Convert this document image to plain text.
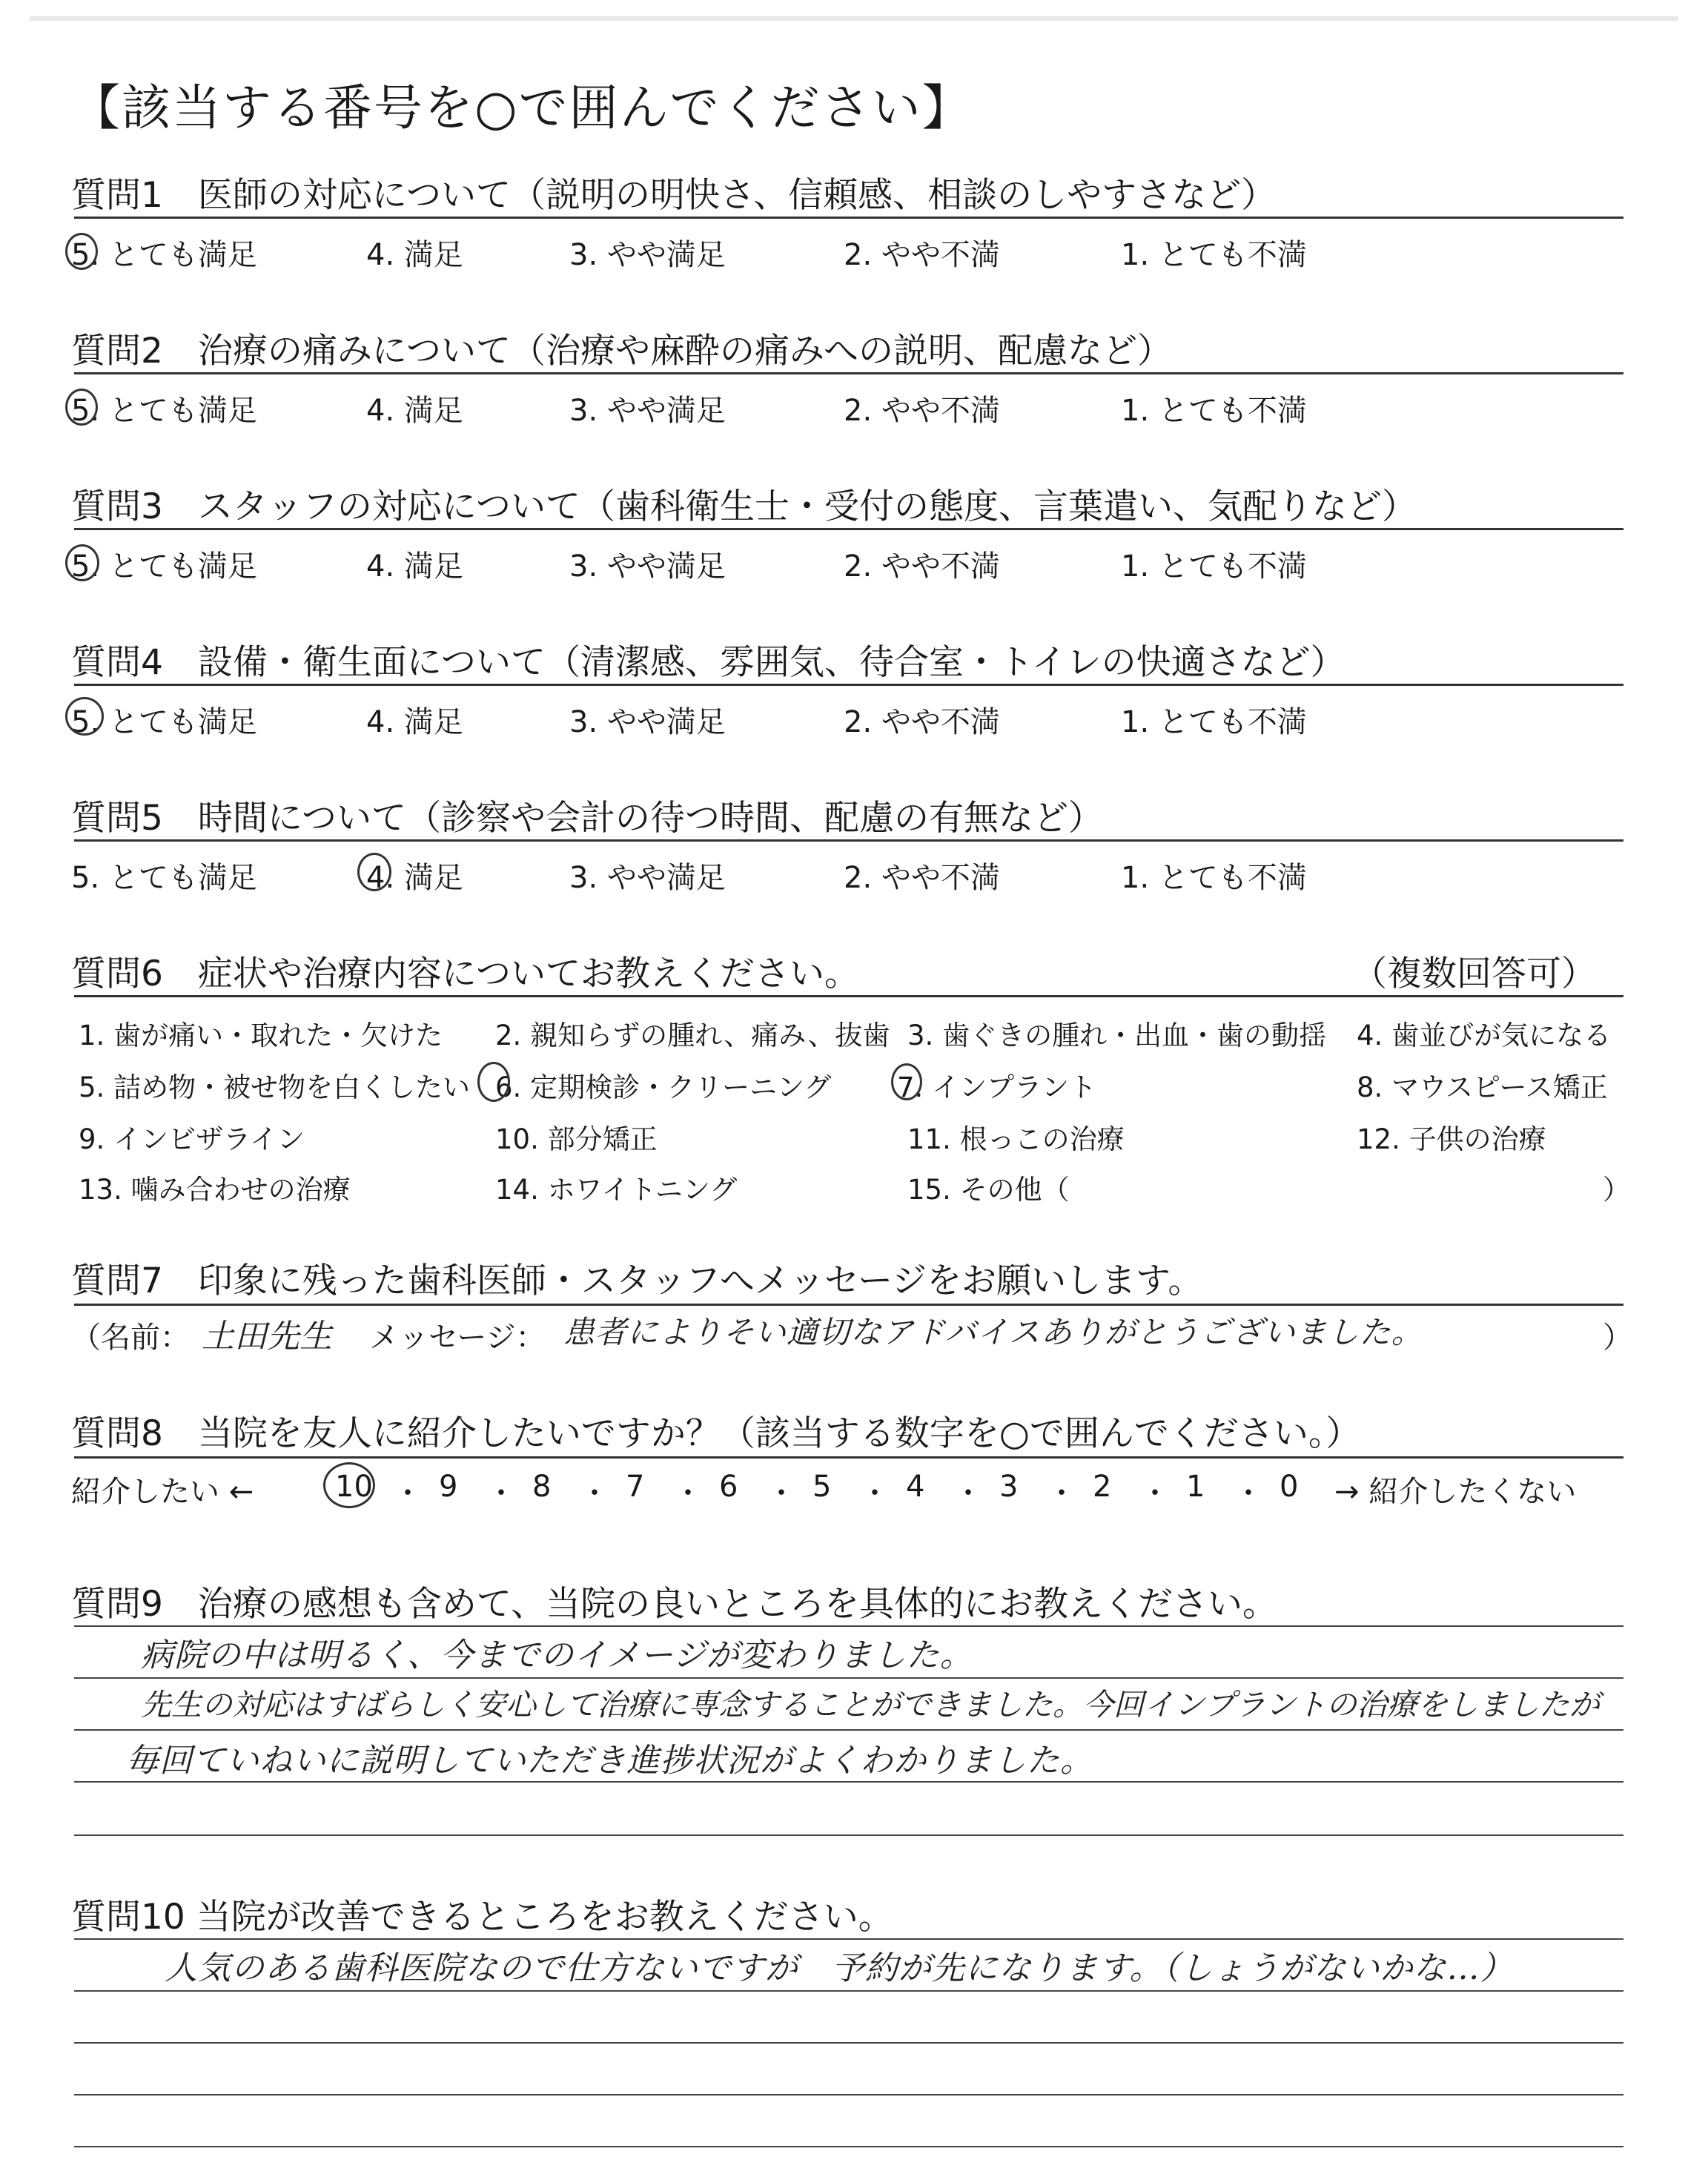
【該当する番号を○で囲んでください】
質問1　医師の対応について（説明の明快さ、信頼感、相談のしやすさなど）
5. とても満足	4. 満足	3. やや満足	2. やや不満	1. とても不満
質問2　治療の痛みについて（治療や麻酔の痛みへの説明、配慮など）
5. とても満足	4. 満足	3. やや満足	2. やや不満	1. とても不満
質問3　スタッフの対応について（歯科衛生士・受付の態度、言葉遣い、気配りなど）
5. とても満足	4. 満足	3. やや満足	2. やや不満	1. とても不満
質問4　設備・衛生面について（清潔感、雰囲気、待合室・トイレの快適さなど）
5. とても満足	4. 満足	3. やや満足	2. やや不満	1. とても不満
質問5　時間について（診察や会計の待つ時間、配慮の有無など）
5. とても満足	4. 満足	3. やや満足	2. やや不満	1. とても不満
質問6　症状や治療内容についてお教えください。	（複数回答可）
1. 歯が痛い・取れた・欠けた 2. 親知らずの腫れ、痛み、抜歯 3. 歯ぐきの腫れ・出血・歯の動揺 4. 歯並びが気になる
5. 詰め物・被せ物を白くしたい 6. 定期検診・クリーニング 7. インプラント	8. マウスピース矯正
9. インビザライン	10. 部分矯正	11. 根っこの治療	12. 子供の治療
13. 噛み合わせの治療	14. ホワイトニング	15. その他（	）
質問7　印象に残った歯科医師・スタッフへメッセージをお願いします。
（名前： 土田先生 メッセージ： 患者によりそい適切なアドバイスありがとうございました。	）
質問8　当院を友人に紹介したいですか？（該当する数字を○で囲んでください。）
紹介したい ←	10 ・ 9 ・ 8 ・ 7 ・ 6 ・ 5 ・ 4 ・ 3 ・ 2 ・ 1 ・ 0 → 紹介したくない
質問9　治療の感想も含めて、当院の良いところを具体的にお教えください。
病院の中は明るく、今までのイメージが変わりました。
先生の対応はすばらしく安心して治療に専念することができました。今回インプラントの治療をしましたが
毎回ていねいに説明していただき進捗状況がよくわかりました。
質問10 当院が改善できるところをお教えください。
人気のある歯科医院なので仕方ないですが　予約が先になります。（しょうがないかな…）
